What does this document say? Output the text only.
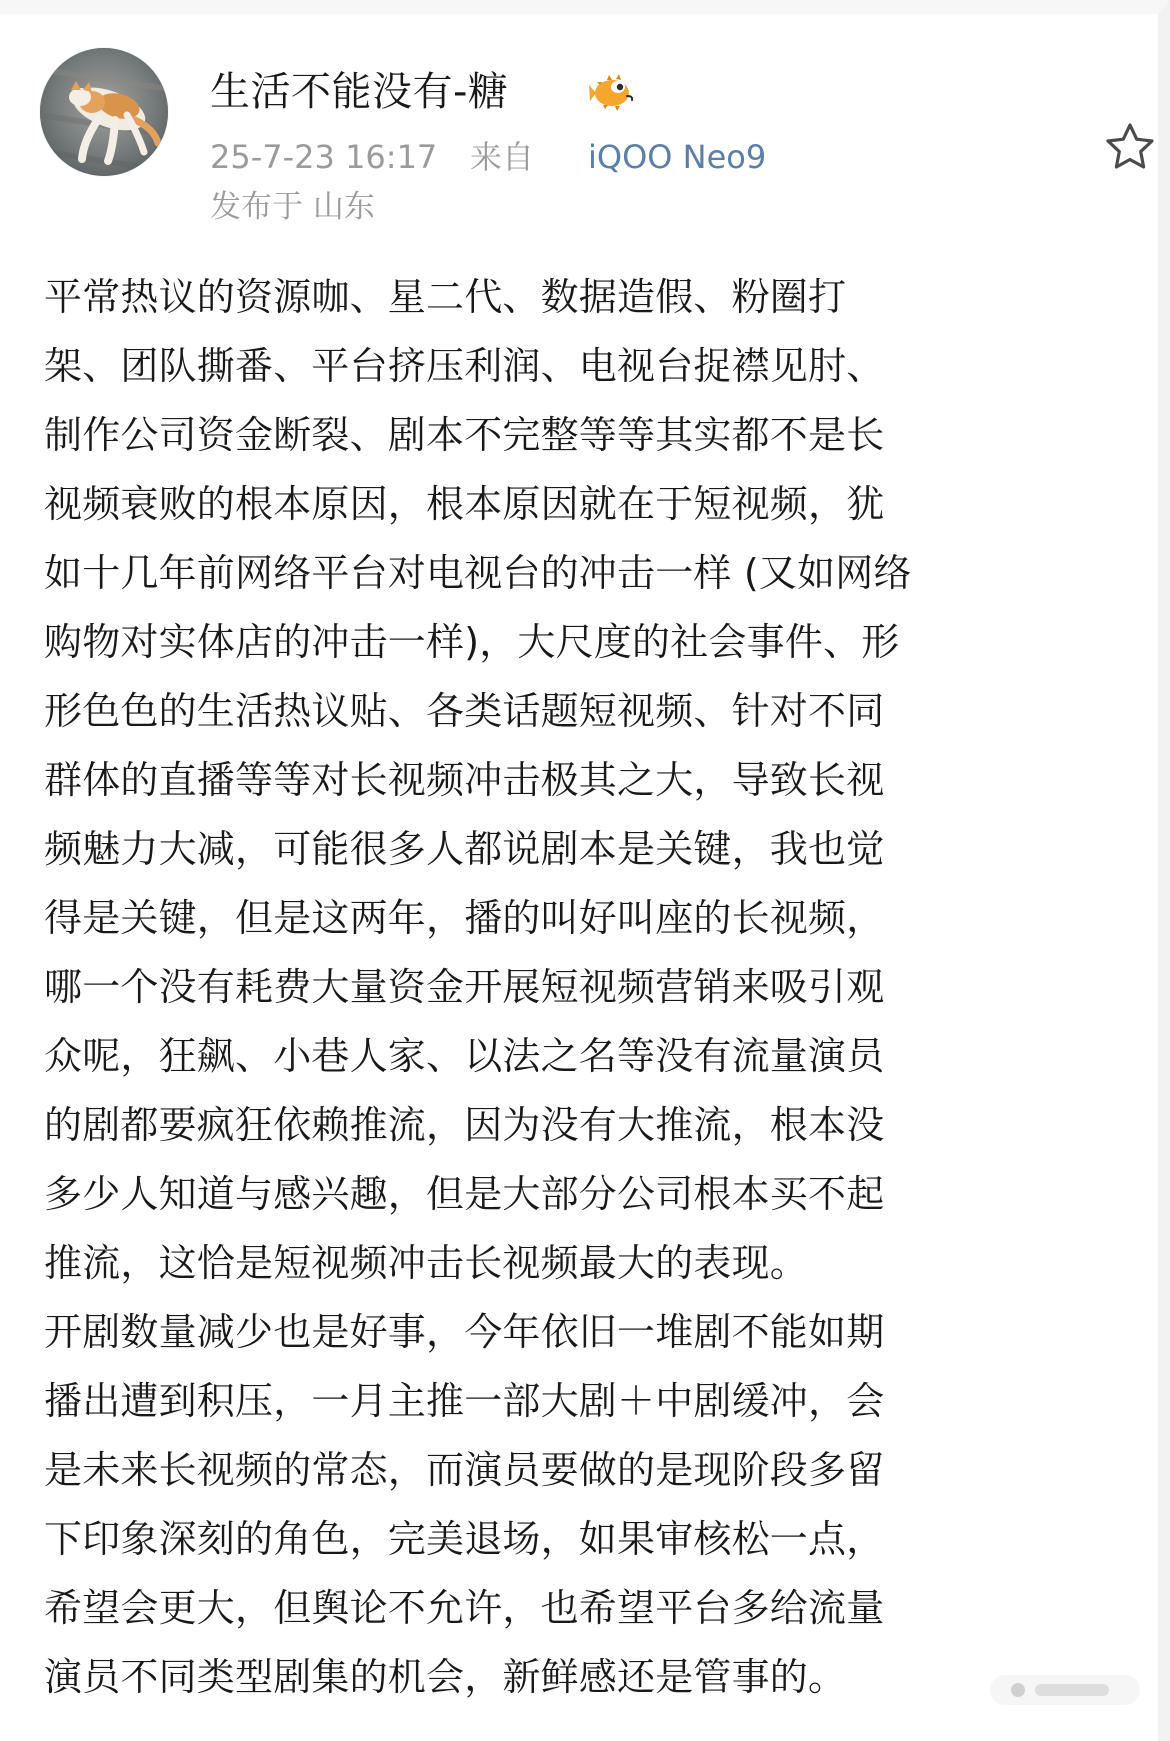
生活不能没有-糖
25-7-23 16:17 来自 iQOO Neo9
发布于 山东

平常热议的资源咖、星二代、数据造假、粉圈打
架、团队撕番、平台挤压利润、电视台捉襟见肘、
制作公司资金断裂、剧本不完整等等其实都不是长
视频衰败的根本原因，根本原因就在于短视频，犹
如十几年前网络平台对电视台的冲击一样 (又如网络
购物对实体店的冲击一样)，大尺度的社会事件、形
形色色的生活热议贴、各类话题短视频、针对不同
群体的直播等等对长视频冲击极其之大，导致长视
频魅力大减，可能很多人都说剧本是关键，我也觉
得是关键，但是这两年，播的叫好叫座的长视频，
哪一个没有耗费大量资金开展短视频营销来吸引观
众呢，狂飙、小巷人家、以法之名等没有流量演员
的剧都要疯狂依赖推流，因为没有大推流，根本没
多少人知道与感兴趣，但是大部分公司根本买不起
推流，这恰是短视频冲击长视频最大的表现。

开剧数量减少也是好事，今年依旧一堆剧不能如期
播出遭到积压，一月主推一部大剧＋中剧缓冲，会
是未来长视频的常态，而演员要做的是现阶段多留
下印象深刻的角色，完美退场，如果审核松一点，
希望会更大，但舆论不允许，也希望平台多给流量
演员不同类型剧集的机会，新鲜感还是管事的。
